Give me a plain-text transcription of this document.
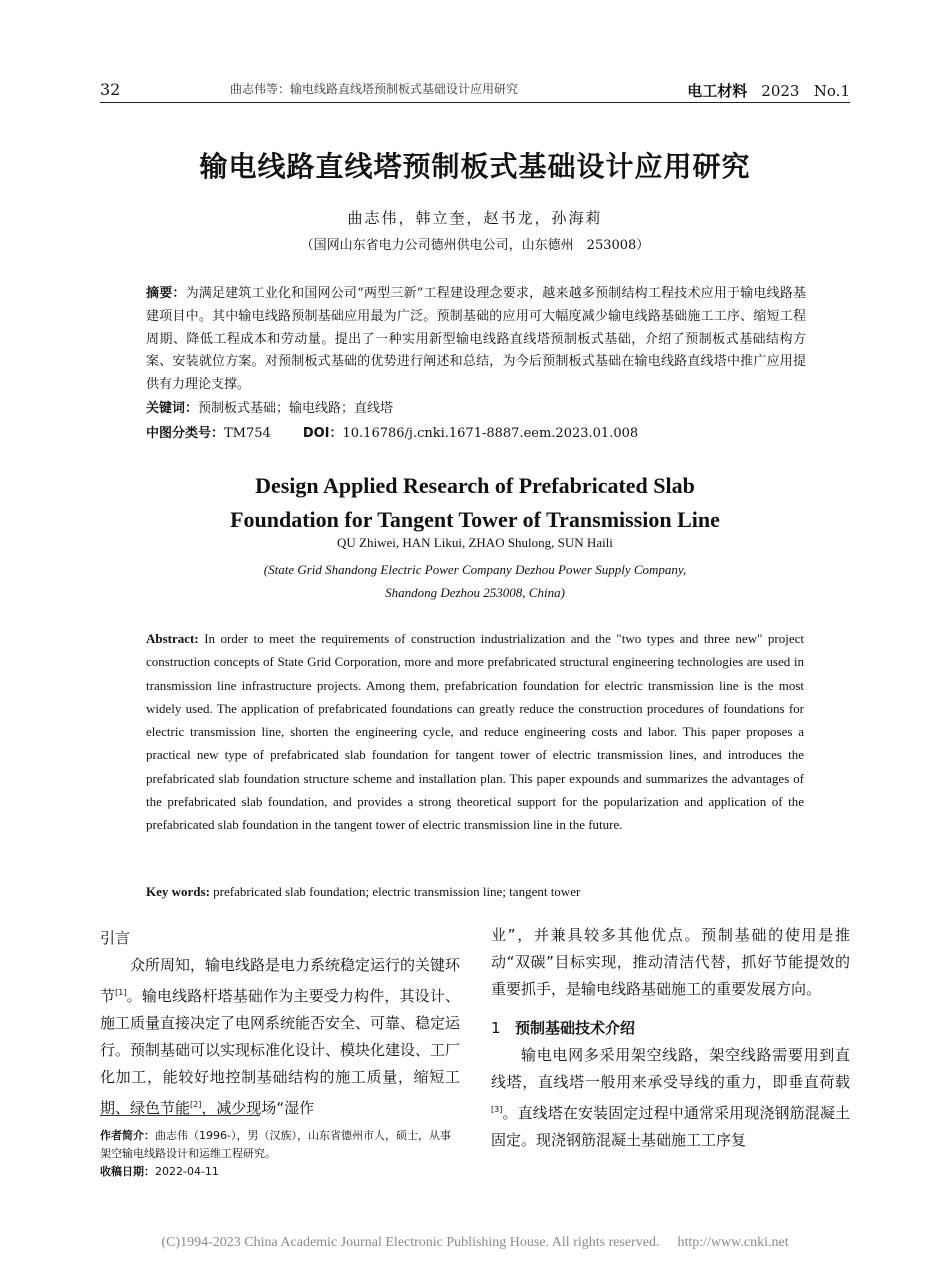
32	曲志伟等：输电线路直线塔预制板式基础设计应用研究	电工材料 2023 No.1
输电线路直线塔预制板式基础设计应用研究
曲志伟，韩立奎，赵书龙，孙海莉
（国网山东省电力公司德州供电公司，山东德州　253008）
摘要：为满足建筑工业化和国网公司“两型三新”工程建设理念要求，越来越多预制结构工程技术应用于输电线路基建项目中。其中输电线路预制基础应用最为广泛。预制基础的应用可大幅度减少输电线路基础施工工序、缩短工程周期、降低工程成本和劳动量。提出了一种实用新型输电线路直线塔预制板式基础，介绍了预制板式基础结构方案、安装就位方案。对预制板式基础的优势进行阐述和总结，为今后预制板式基础在输电线路直线塔中推广应用提供有力理论支撑。
关键词：预制板式基础；输电线路；直线塔
中图分类号：TM754 DOI：10.16786/j.cnki.1671-8887.eem.2023.01.008
Design Applied Research of Prefabricated Slab
Foundation for Tangent Tower of Transmission Line
QU Zhiwei, HAN Likui, ZHAO Shulong, SUN Haili
(State Grid Shandong Electric Power Company Dezhou Power Supply Company,
Shandong Dezhou 253008, China)
Abstract: In order to meet the requirements of construction industrialization and the "two types and three new" project construction concepts of State Grid Corporation, more and more prefabricated structural engineering technologies are used in transmission line infrastructure projects. Among them, prefabrication foundation for electric transmission line is the most widely used. The application of prefabricated foundations can greatly reduce the construction procedures of foundations for electric transmission line, shorten the engineering cycle, and reduce engineering costs and labor. This paper proposes a practical new type of prefabricated slab foundation for tangent tower of electric transmission lines, and introduces the prefabricated slab foundation structure scheme and installation plan. This paper expounds and summarizes the advantages of the prefabricated slab foundation, and provides a strong theoretical support for the popularization and application of the prefabricated slab foundation in the tangent tower of electric transmission line in the future.
Key words: prefabricated slab foundation; electric transmission line; tangent tower

引言

众所周知，输电线路是电力系统稳定运行的关键环节[1]。输电线路杆塔基础作为主要受力构件，其设计、施工质量直接决定了电网系统能否安全、可靠、稳定运行。预制基础可以实现标准化设计、模块化建设、工厂化加工，能较好地控制基础结构的施工质量，缩短工期、绿色节能[2]，减少现场“湿作

业”，并兼具较多其他优点。预制基础的使用是推动“双碳”目标实现，推动清洁代替，抓好节能提效的重要抓手，是输电线路基础施工的重要发展方向。

1 预制基础技术介绍

输电电网多采用架空线路，架空线路需要用到直线塔，直线塔一般用来承受导线的重力，即垂直荷载[3]。直线塔在安装固定过程中通常采用现浇钢筋混凝土固定。现浇钢筋混凝土基础施工工序复

作者简介：曲志伟（1996-），男（汉族），山东省德州市人，硕士，从事架空输电线路设计和运维工程研究。
收稿日期：2022-04-11
(C)1994-2023 China Academic Journal Electronic Publishing House. All rights reserved. http://www.cnki.net
